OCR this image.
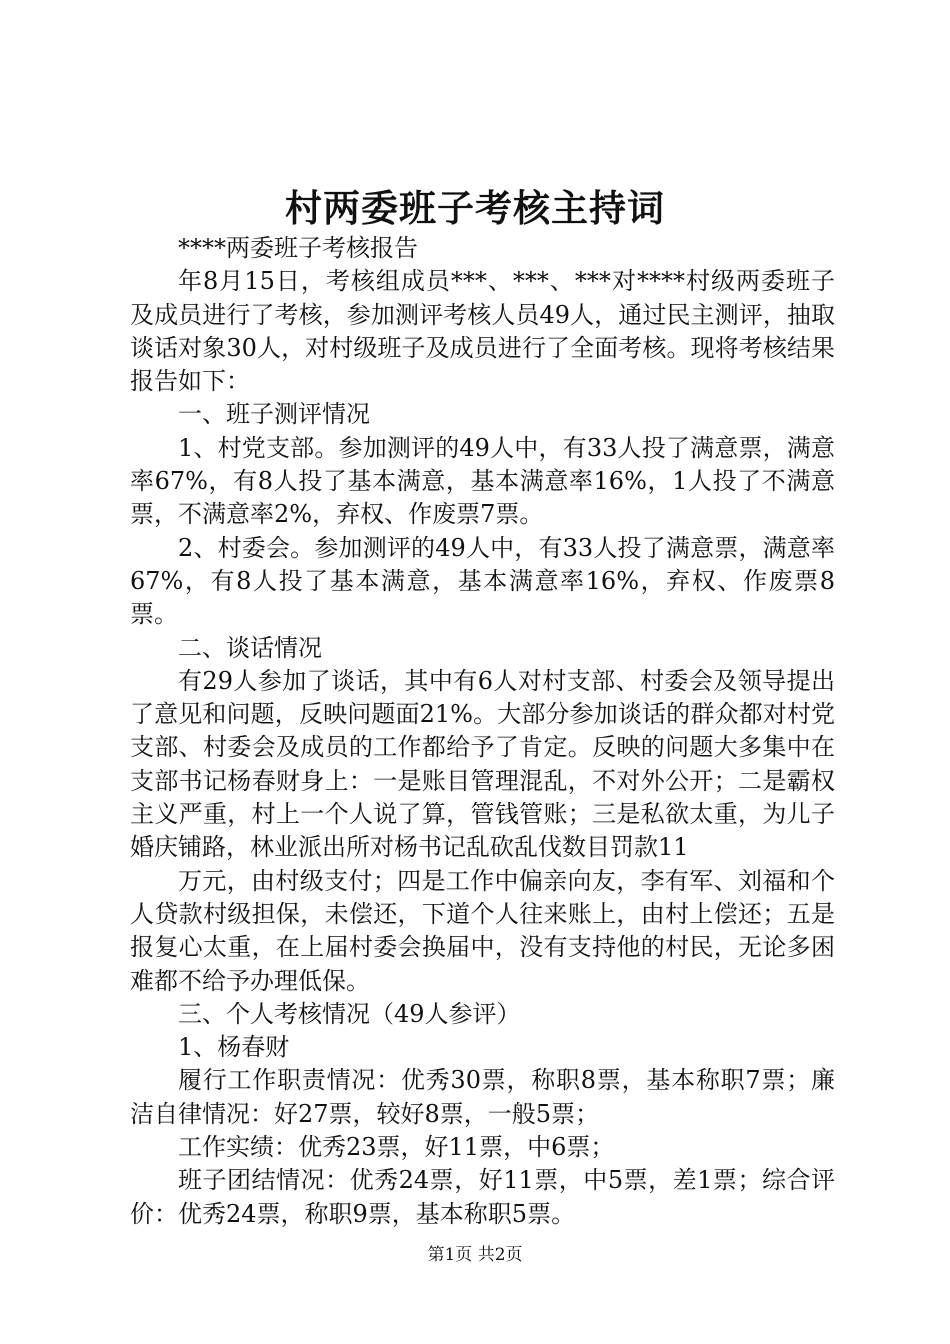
村两委班子考核主持词

****两委班子考核报告

年8月15日，考核组成员***、***、***对****村级两委班子及成员进行了考核，参加测评考核人员49人，通过民主测评，抽取谈话对象30人，对村级班子及成员进行了全面考核。现将考核结果报告如下：

一、班子测评情况

1、村党支部。参加测评的49人中，有33人投了满意票，满意率67%，有8人投了基本满意，基本满意率16%，1人投了不满意票，不满意率2%，弃权、作废票7票。

2、村委会。参加测评的49人中，有33人投了满意票，满意率67%，有8人投了基本满意，基本满意率16%，弃权、作废票8票。

二、谈话情况

有29人参加了谈话，其中有6人对村支部、村委会及领导提出了意见和问题，反映问题面21%。大部分参加谈话的群众都对村党支部、村委会及成员的工作都给予了肯定。反映的问题大多集中在支部书记杨春财身上：一是账目管理混乱，不对外公开；二是霸权主义严重，村上一个人说了算，管钱管账；三是私欲太重，为儿子婚庆铺路，林业派出所对杨书记乱砍乱伐数目罚款11

万元，由村级支付；四是工作中偏亲向友，李有军、刘福和个人贷款村级担保，未偿还，下道个人往来账上，由村上偿还；五是报复心太重，在上届村委会换届中，没有支持他的村民，无论多困难都不给予办理低保。

三、个人考核情况（49人参评）

1、杨春财

履行工作职责情况：优秀30票，称职8票，基本称职7票；廉洁自律情况：好27票，较好8票，一般5票；

工作实绩：优秀23票，好11票，中6票；

班子团结情况：优秀24票，好11票，中5票，差1票；综合评价：优秀24票，称职9票，基本称职5票。

第1页 共2页
